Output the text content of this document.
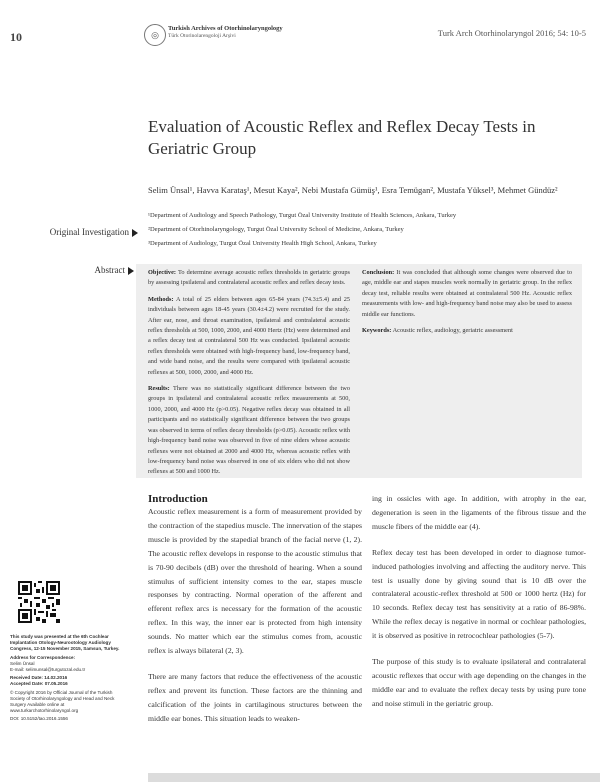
10	◎
Turkish Archives of Otorhinolaryngology
Türk Otorinolarengoloji Arşivi	Turk Arch Otorhinolaryngol 2016; 54: 10-5
Evaluation of Acoustic Reflex and Reflex Decay Tests in Geriatric Group
Selim Ünsal¹, Havva Karataş¹, Mesut Kaya², Nebi Mustafa Gümüş¹, Esra Temügan², Mustafa Yüksel³, Mehmet Gündüz²
¹Department of Audiology and Speech Pathology, Turgut Özal University Institute of Health Sciences, Ankara, Turkey
²Department of Otorhinolaryngology, Turgut Özal University School of Medicine, Ankara, Turkey
³Department of Audiology, Turgut Özal University Health High School, Ankara, Turkey
Original Investigation
Abstract	Objective: To determine average acoustic reflex thresholds in geriatric groups by assessing ipsilateral and contralateral acoustic reflex and reflex decay tests.

Methods: A total of 25 elders between ages 65-84 years (74.3±5.4) and 25 individuals between ages 18-45 years (30.4±4.2) were recruited for the study. After ear, nose, and throat examination, ipsilateral and contralateral acoustic reflex thresholds at 500, 1000, 2000, and 4000 Hertz (Hz) were determined and a reflex decay test at contralateral 500 Hz was conducted. Ipsilateral acoustic reflex thresholds were obtained with high-frequency band, low-frequency band, and wide band noise, and the results were compared with ipsilateral acoustic reflexes at 500, 1000, 2000, and 4000 Hz.

Results: There was no statistically significant difference between the two groups in ipsilateral and contralateral acoustic reflex measurements at 500, 1000, 2000, and 4000 Hz (p>0.05). Negative reflex decay was obtained in all participants and no statistically significant difference between the two groups was observed in terms of reflex decay thresholds (p>0.05). Acoustic reflex with high-frequency band noise was observed in five of nine elders whose acoustic reflexes were not obtained at 2000 and 4000 Hz, whereas acoustic reflex with low-frequency band noise was observed in one of six elders who did not show reflexes at 500 and 1000 Hz.

Conclusion: It was concluded that although some changes were observed due to age, middle ear and stapes muscles work normally in geriatric group. In the reflex decay test, reliable results were obtained at contralateral 500 Hz. Acoustic reflex measurements with low- and high-frequency band noise may also be used to assess middle ear functions.

Keywords: Acoustic reflex, audiology, geriatric assessment

Introduction

Acoustic reflex measurement is a form of measurement provided by the contraction of the stapedius muscle. The innervation of the stapes muscle is provided by the stapedial branch of the facial nerve (1, 2). The acoustic reflex develops in response to the acoustic stimulus that is 70-90 decibels (dB) over the threshold of hearing. When a sound stimulus of sufficient intensity comes to the ear, stapes muscle responses by contracting. Normal operation of the afferent and efferent reflex arcs is necessary for the formation of the acoustic reflex. In this way, the inner ear is protected from high intensity sounds. No matter which ear the stimulus comes from, acoustic reflex is always bilateral (2, 3).

There are many factors that reduce the effectiveness of the acoustic reflex and prevent its function. These factors are the thinning and calcification of the joints in cartilaginous structures between the middle ear bones. This situation leads to weaken-

ing in ossicles with age. In addition, with atrophy in the ear, degeneration is seen in the ligaments of the fibrous tissue and the muscle fibers of the middle ear (4).

Reflex decay test has been developed in order to diagnose tumor-induced pathologies involving and affecting the auditory nerve. This test is usually done by giving sound that is 10 dB over the contralateral acoustic-reflex threshold at 500 or 1000 hertz (Hz) for 10 seconds. Reflex decay test has sensitivity at a ratio of 86-98%. While the reflex decay is negative in normal or cochlear pathologies, it is observed as positive in retrocochlear pathologies (5-7).

The purpose of this study is to evaluate ipsilateral and contralateral acoustic reflexes that occur with age depending on the changes in the middle ear and to evaluate the reflex decay tests by using pure tone and noise stimuli in the geriatric group.

This study was presented at the 6th Cochlear Implantation Otology-Neurootology Audiology Congress, 12-15 November 2015, Samsun, Turkey.
Address for Correspondence:
Selim Ünsal
E-mail: selimunsal@turgutozal.edu.tr
Received Date: 14.02.2016
Accepted Date: 07.05.2016
© Copyright 2016 by Official Journal of the Turkish Society of Otorhinolaryngology and Head and Neck Surgery Available online at www.turkarchotorhinolaryngol.org
DOI: 10.5152/tao.2016.1556
